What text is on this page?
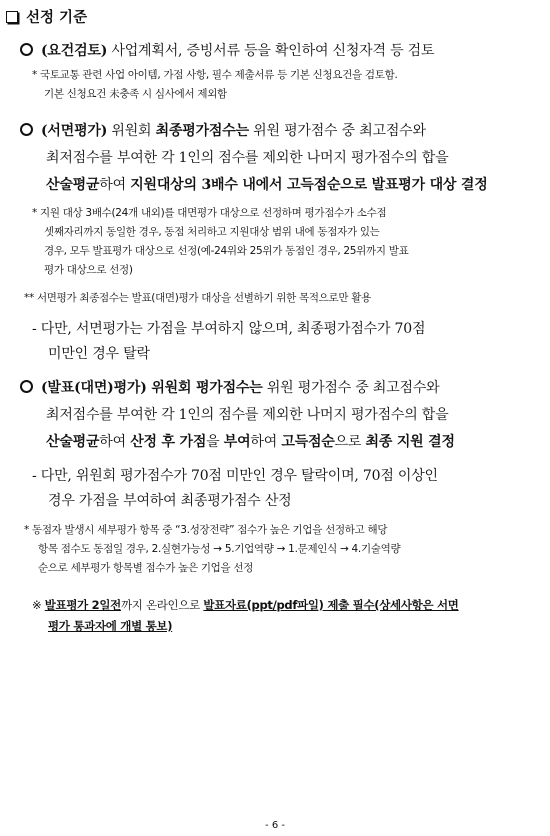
선정 기준
(요건검토) 사업계획서, 증빙서류 등을 확인하여 신청자격 등 검토
* 국토교통 관련 사업 아이템, 가점 사항, 필수 제출서류 등 기본 신청요건을 검토함.
기본 신청요건 未충족 시 심사에서 제외함
(서면평가) 위원회 최종평가점수는 위원 평가점수 중 최고점수와
최저점수를 부여한 각 1인의 점수를 제외한 나머지 평가점수의 합을
산술평균하여 지원대상의 3배수 내에서 고득점순으로 발표평가 대상 결정
* 지원 대상 3배수(24개 내외)를 대면평가 대상으로 선정하며 평가점수가 소수점
셋째자리까지 동일한 경우, 동점 처리하고 지원대상 범위 내에 동점자가 있는
경우, 모두 발표평가 대상으로 선정(예-24위와 25위가 동점인 경우, 25위까지 발표
평가 대상으로 선정)
** 서면평가 최종점수는 발표(대면)평가 대상을 선별하기 위한 목적으로만 활용
- 다만, 서면평가는 가점을 부여하지 않으며, 최종평가점수가 70점
미만인 경우 탈락
(발표(대면)평가) 위원회 평가점수는 위원 평가점수 중 최고점수와
최저점수를 부여한 각 1인의 점수를 제외한 나머지 평가점수의 합을
산술평균하여 산정 후 가점을 부여하여 고득점순으로 최종 지원 결정
- 다만, 위원회 평가점수가 70점 미만인 경우 탈락이며, 70점 이상인
경우 가점을 부여하여 최종평가점수 산정
* 동점자 발생시 세부평가 항목 중 “3.성장전략” 점수가 높은 기업을 선정하고 해당
항목 점수도 동점일 경우, 2.실현가능성 → 5.기업역량 → 1.문제인식 → 4.기술역량
순으로 세부평가 항목별 점수가 높은 기업을 선정
※ 발표평가 2일전까지 온라인으로 발표자료(ppt/pdf파일) 제출 필수(상세사항은 서면
평가 통과자에 개별 통보)
- 6 -
